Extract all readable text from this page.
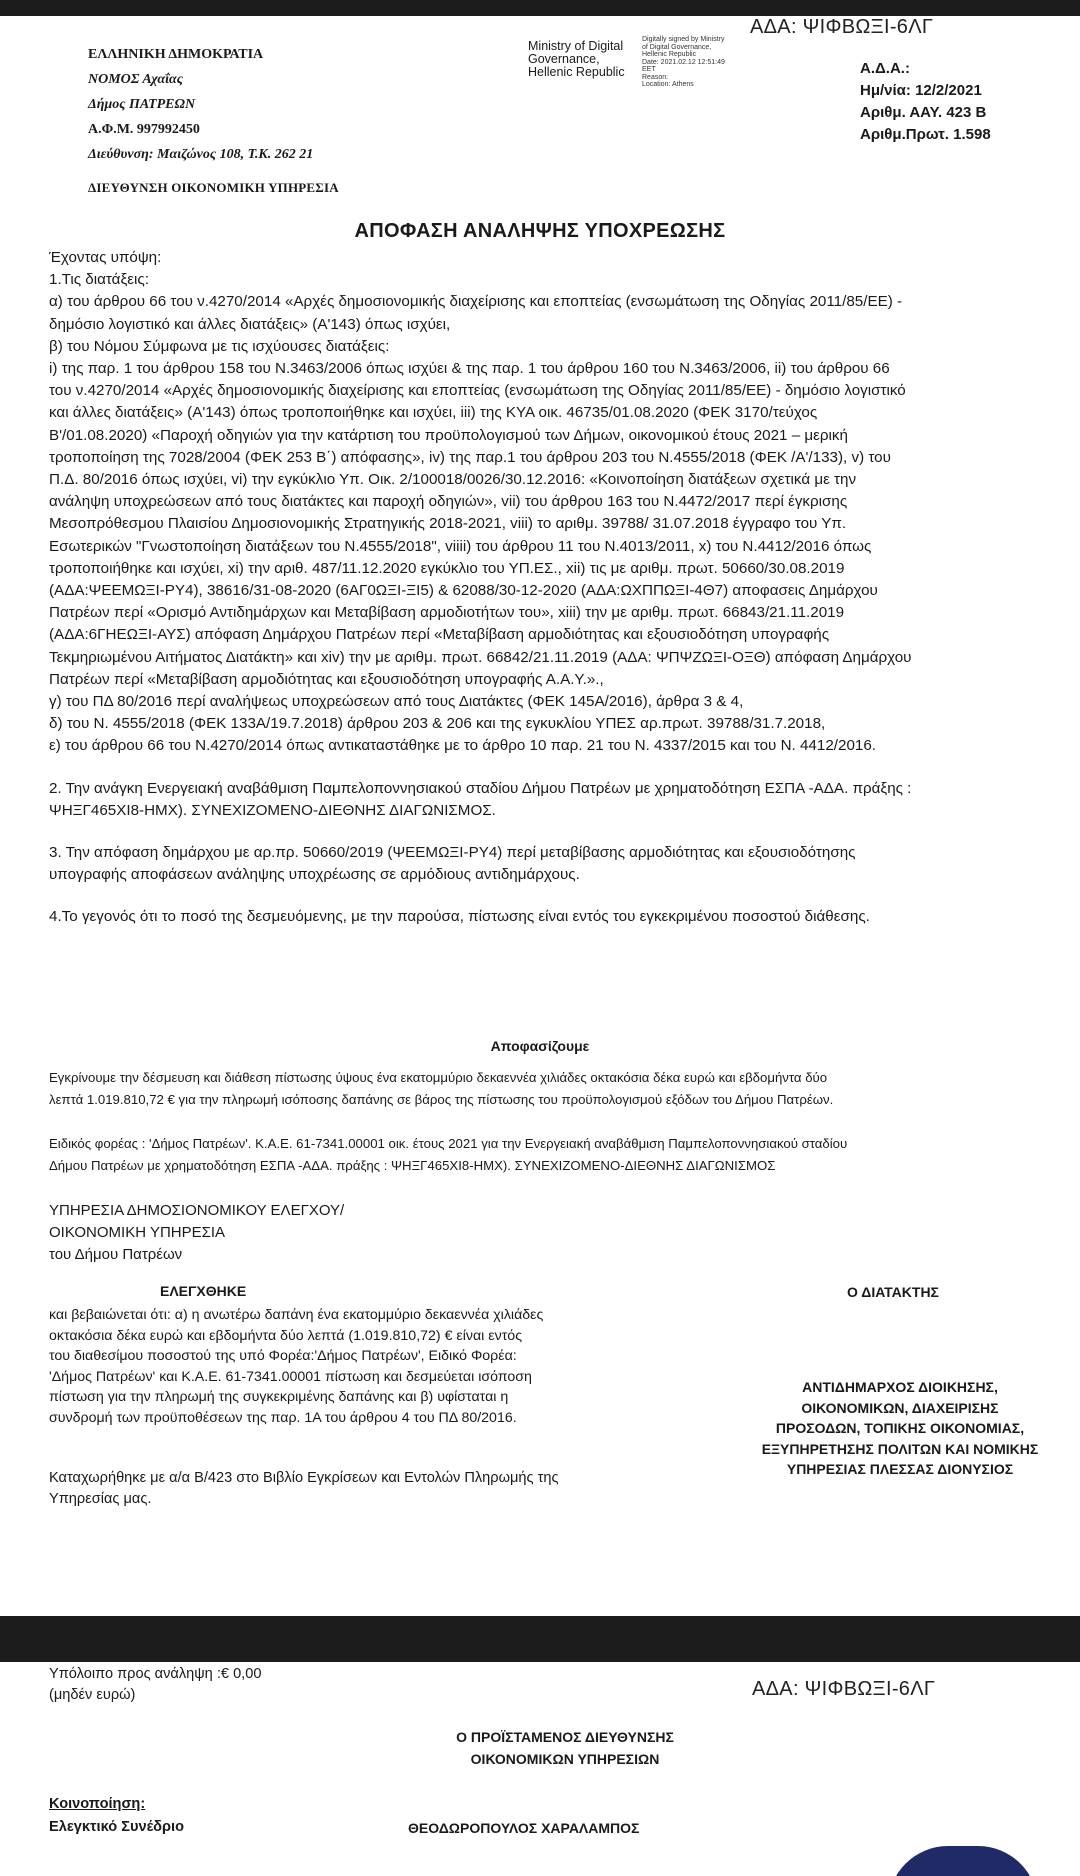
ΑΔΑ: ΨΙΦΒΩΞΙ-6ΛΓ
ΕΛΛΗΝΙΚΗ ΔΗΜΟΚΡΑΤΙΑ
ΝΟΜΟΣ Αχαΐας
Δήμος ΠΑΤΡΕΩΝ
Α.Φ.Μ. 997992450
Διεύθυνση: Μαιζώνος 108, Τ.Κ. 262 21
Ministry of Digital
Governance,
Hellenic Republic
Digitally signed by Ministry
of Digital Governance,
Hellenic Republic
Date: 2021.02.12 12:51:49
EET
Reason:
Location: Athens
Α.Δ.Α.:
Ημ/νία: 12/2/2021
Αριθμ. ΑΑΥ. 423 Β
Αριθμ.Πρωτ. 1.598
ΔΙΕΥΘΥΝΣΗ ΟΙΚΟΝΟΜΙΚΗ ΥΠΗΡΕΣΙΑ
ΑΠΟΦΑΣΗ ΑΝΑΛΗΨΗΣ ΥΠΟΧΡΕΩΣΗΣ

Έχοντας υπόψη:

1.Τις διατάξεις:

α) του άρθρου 66 του ν.4270/2014 «Αρχές δημοσιονομικής διαχείρισης και εποπτείας (ενσωμάτωση της Οδηγίας 2011/85/ΕΕ) -

δημόσιο λογιστικό και άλλες διατάξεις» (Α'143) όπως ισχύει,

β) του Νόμου Σύμφωνα με τις ισχύουσες διατάξεις:

i) της παρ. 1 του άρθρου 158 του Ν.3463/2006 όπως ισχύει & της παρ. 1 του άρθρου 160 του Ν.3463/2006, ii) του άρθρου 66

του ν.4270/2014 «Αρχές δημοσιονομικής διαχείρισης και εποπτείας (ενσωμάτωση της Οδηγίας 2011/85/ΕΕ) - δημόσιο λογιστικό

και άλλες διατάξεις» (Α'143) όπως τροποποιήθηκε και ισχύει, iii) της ΚΥΑ οικ. 46735/01.08.2020 (ΦΕΚ 3170/τεύχος

Β'/01.08.2020) «Παροχή οδηγιών για την κατάρτιση του προϋπολογισμού των Δήμων, οικονομικού έτους 2021 – μερική

τροποποίηση της 7028/2004 (ΦΕΚ 253 Β΄) απόφασης», iv) της παρ.1 του άρθρου 203 του Ν.4555/2018 (ΦΕΚ /Α'/133), v) του

Π.Δ. 80/2016 όπως ισχύει, vi) την εγκύκλιο Υπ. Οικ. 2/100018/0026/30.12.2016: «Κοινοποίηση διατάξεων σχετικά με την

ανάληψη υποχρεώσεων από τους διατάκτες και παροχή οδηγιών», vii) του άρθρου 163 του Ν.4472/2017 περί έγκρισης

Μεσοπρόθεσμου Πλαισίου Δημοσιονομικής Στρατηγικής 2018-2021, viii) το αριθμ. 39788/ 31.07.2018 έγγραφο του Υπ.

Εσωτερικών "Γνωστοποίηση διατάξεων του Ν.4555/2018", viiii) του άρθρου 11 του Ν.4013/2011, x) του Ν.4412/2016 όπως

τροποποιήθηκε και ισχύει, xi) την αριθ. 487/11.12.2020 εγκύκλιο του ΥΠ.ΕΣ., xii) τις με αριθμ. πρωτ. 50660/30.08.2019

(ΑΔΑ:ΨΕΕΜΩΞΙ-ΡΥ4), 38616/31-08-2020 (6ΑΓ0ΩΞΙ-ΞΙ5) & 62088/30-12-2020 (ΑΔΑ:ΩΧΠΠΩΞΙ-4Θ7) αποφασεις Δημάρχου

Πατρέων περί «Ορισμό Αντιδημάρχων και Μεταβίβαση αρμοδιοτήτων του», xiii) την με αριθμ. πρωτ. 66843/21.11.2019

(ΑΔΑ:6ΓΗΕΩΞΙ-ΑΥΣ) απόφαση Δημάρχου Πατρέων περί «Μεταβίβαση αρμοδιότητας και εξουσιοδότηση υπογραφής

Τεκμηριωμένου Αιτήματος Διατάκτη» και xiv) την με αριθμ. πρωτ. 66842/21.11.2019 (ΑΔΑ: ΨΠΨΖΩΞΙ-ΟΞΘ) απόφαση Δημάρχου

Πατρέων περί «Μεταβίβαση αρμοδιότητας και εξουσιοδότηση υπογραφής Α.Α.Υ.».,

γ) του ΠΔ 80/2016 περί αναλήψεως υποχρεώσεων από τους Διατάκτες (ΦΕΚ 145Α/2016), άρθρα 3 & 4,

δ) του Ν. 4555/2018 (ΦΕΚ 133Α/19.7.2018) άρθρου 203 & 206 και της εγκυκλίου ΥΠΕΣ αρ.πρωτ. 39788/31.7.2018,

ε) του άρθρου 66 του Ν.4270/2014 όπως αντικαταστάθηκε με το άρθρο 10 παρ. 21 του Ν. 4337/2015 και του Ν. 4412/2016.

2. Την ανάγκη Ενεργειακή αναβάθμιση Παμπελοποννησιακού σταδίου Δήμου Πατρέων με χρηματοδότηση ΕΣΠΑ -ΑΔΑ. πράξης :

ΨΗΞΓ465ΧΙ8-ΗΜΧ). ΣΥΝΕΧΙΖΟΜΕΝΟ-ΔΙΕΘΝΗΣ ΔΙΑΓΩΝΙΣΜΟΣ.

3. Την απόφαση δημάρχου με αρ.πρ. 50660/2019 (ΨΕΕΜΩΞΙ-ΡΥ4) περί μεταβίβασης αρμοδιότητας και εξουσιοδότησης

υπογραφής αποφάσεων ανάληψης υποχρέωσης σε αρμόδιους αντιδημάρχους.

4.Το γεγονός ότι το ποσό της δεσμευόμενης, με την παρούσα, πίστωσης είναι εντός του εγκεκριμένου ποσοστού διάθεσης.

Αποφασίζουμε
Εγκρίνουμε την δέσμευση και διάθεση πίστωσης ύψους ένα εκατομμύριο δεκαεννέα χιλιάδες οκτακόσια δέκα ευρώ και εβδομήντα δύο
λεπτά 1.019.810,72 € για την πληρωμή ισόποσης δαπάνης σε βάρος της πίστωσης του προϋπολογισμού εξόδων του Δήμου Πατρέων.
Ειδικός φορέας : 'Δήμος Πατρέων'. Κ.Α.Ε. 61-7341.00001 οικ. έτους 2021 για την Ενεργειακή αναβάθμιση Παμπελοποννησιακού σταδίου
Δήμου Πατρέων με χρηματοδότηση ΕΣΠΑ -ΑΔΑ. πράξης : ΨΗΞΓ465ΧΙ8-ΗΜΧ). ΣΥΝΕΧΙΖΟΜΕΝΟ-ΔΙΕΘΝΗΣ ΔΙΑΓΩΝΙΣΜΟΣ
ΥΠΗΡΕΣΙΑ ΔΗΜΟΣΙΟΝΟΜΙΚΟΥ ΕΛΕΓΧΟΥ/
ΟΙΚΟΝΟΜΙΚΗ ΥΠΗΡΕΣΙΑ
του Δήμου Πατρέων
ΕΛΕΓΧΘΗΚΕ

και βεβαιώνεται ότι: α) η ανωτέρω δαπάνη ένα εκατομμύριο δεκαεννέα χιλιάδες

οκτακόσια δέκα ευρώ και εβδομήντα δύο λεπτά (1.019.810,72) € είναι εντός

του διαθεσίμου ποσοστού της υπό Φορέα:'Δήμος Πατρέων', Ειδικό Φορέα:

'Δήμος Πατρέων' και Κ.Α.Ε. 61-7341.00001 πίστωση και δεσμεύεται ισόποση

πίστωση για την πληρωμή της συγκεκριμένης δαπάνης και β) υφίσταται η

συνδρομή των προϋποθέσεων της παρ. 1Α του άρθρου 4 του ΠΔ 80/2016.

Ο ΔΙΑΤΑΚΤΗΣ

ΑΝΤΙΔΗΜΑΡΧΟΣ ΔΙΟΙΚΗΣΗΣ,

ΟΙΚΟΝΟΜΙΚΩΝ, ΔΙΑΧΕΙΡΙΣΗΣ

ΠΡΟΣΟΔΩΝ, ΤΟΠΙΚΗΣ ΟΙΚΟΝΟΜΙΑΣ,

ΕΞΥΠΗΡΕΤΗΣΗΣ ΠΟΛΙΤΩΝ ΚΑΙ ΝΟΜΙΚΗΣ

ΥΠΗΡΕΣΙΑΣ ΠΛΕΣΣΑΣ ΔΙΟΝΥΣΙΟΣ

Καταχωρήθηκε με α/α Β/423 στο Βιβλίο Εγκρίσεων και Εντολών Πληρωμής της
Υπηρεσίας μας.
Υπόλοιπο προς ανάληψη :€ 0,00
(μηδέν ευρώ)	ΑΔΑ: ΨΙΦΒΩΞΙ-6ΛΓ
Ο ΠΡΟΪΣΤΑΜΕΝΟΣ ΔΙΕΥΘΥΝΣΗΣ
ΟΙΚΟΝΟΜΙΚΩΝ ΥΠΗΡΕΣΙΩΝ
Κοινοποίηση:
Ελεγκτικό Συνέδριο	ΘΕΟΔΩΡΟΠΟΥΛΟΣ ΧΑΡΑΛΑΜΠΟΣ
